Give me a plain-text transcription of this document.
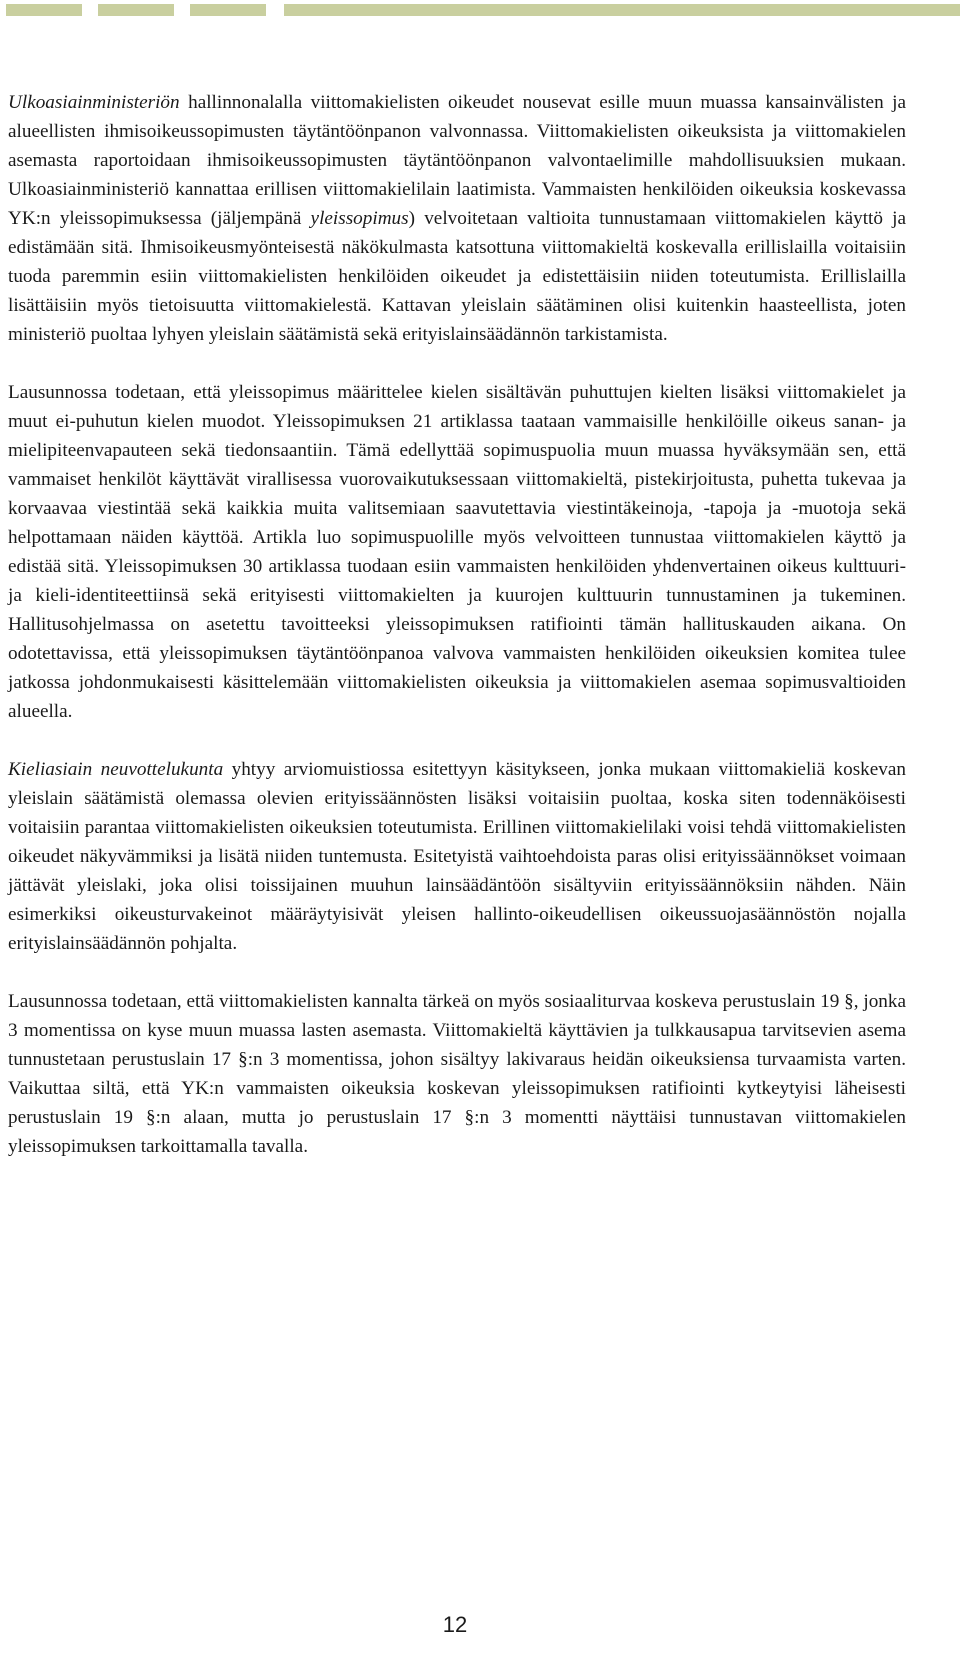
Ulkoasiainministeriön hallinnonalalla viittomakielisten oikeudet nousevat esille muun muassa kansainvälisten ja alueellisten ihmisoikeussopimusten täytäntöönpanon valvonnassa. Viittomakielisten oikeuksista ja viittomakielen asemasta raportoidaan ihmisoikeussopimusten täytäntöönpanon valvontaelimille mahdollisuuksien mukaan. Ulkoasiainministeriö kannattaa erillisen viittomakielilain laatimista. Vammaisten henkilöiden oikeuksia koskevassa YK:n yleissopimuksessa (jäljempänä yleissopimus) velvoitetaan valtioita tunnustamaan viittomakielen käyttö ja edistämään sitä. Ihmisoikeusmyönteisestä näkökulmasta katsottuna viittomakieltä koskevalla erillislailla voitaisiin tuoda paremmin esiin viittomakielisten henkilöiden oikeudet ja edistettäisiin niiden toteutumista. Erillislailla lisättäisiin myös tietoisuutta viittomakielestä. Kattavan yleislain säätäminen olisi kuitenkin haasteellista, joten ministeriö puoltaa lyhyen yleislain säätämistä sekä erityislainsäädännön tarkistamista.

Lausunnossa todetaan, että yleissopimus määrittelee kielen sisältävän puhuttujen kielten lisäksi viittomakielet ja muut ei-puhutun kielen muodot. Yleissopimuksen 21 artiklassa taataan vammaisille henkilöille oikeus sanan- ja mielipiteenvapauteen sekä tiedonsaantiin. Tämä edellyttää sopimuspuolia muun muassa hyväksymään sen, että vammaiset henkilöt käyttävät virallisessa vuorovaikutuksessaan viittomakieltä, pistekirjoitusta, puhetta tukevaa ja korvaavaa viestintää sekä kaikkia muita valitsemiaan saavutettavia viestintäkeinoja, -tapoja ja -muotoja sekä helpottamaan näiden käyttöä. Artikla luo sopimuspuolille myös velvoitteen tunnustaa viittomakielen käyttö ja edistää sitä. Yleissopimuksen 30 artiklassa tuodaan esiin vammaisten henkilöiden yhdenvertainen oikeus kulttuuri- ja kieli-identiteettiinsä sekä erityisesti viittomakielten ja kuurojen kulttuurin tunnustaminen ja tukeminen. Hallitusohjelmassa on asetettu tavoitteeksi yleissopimuksen ratifiointi tämän hallituskauden aikana. On odotettavissa, että yleissopimuksen täytäntöönpanoa valvova vammaisten henkilöiden oikeuksien komitea tulee jatkossa johdonmukaisesti käsittelemään viittomakielisten oikeuksia ja viittomakielen asemaa sopimusvaltioiden alueella.

Kieliasiain neuvottelukunta yhtyy arviomuistiossa esitettyyn käsitykseen, jonka mukaan viittomakieliä koskevan yleislain säätämistä olemassa olevien erityissäännösten lisäksi voitaisiin puoltaa, koska siten todennäköisesti voitaisiin parantaa viittomakielisten oikeuksien toteutumista. Erillinen viittomakielilaki voisi tehdä viittomakielisten oikeudet näkyvämmiksi ja lisätä niiden tuntemusta. Esitetyistä vaihtoehdoista paras olisi erityissäännökset voimaan jättävät yleislaki, joka olisi toissijainen muuhun lainsäädäntöön sisältyviin erityissäännöksiin nähden. Näin esimerkiksi oikeusturvakeinot määräytyisivät yleisen hallinto-oikeudellisen oikeussuojasäännöstön nojalla erityislainsäädännön pohjalta.

Lausunnossa todetaan, että viittomakielisten kannalta tärkeä on myös sosiaaliturvaa koskeva perustuslain 19 §, jonka 3 momentissa on kyse muun muassa lasten asemasta. Viittomakieltä käyttävien ja tulkkausapua tarvitsevien asema tunnustetaan perustuslain 17 §:n 3 momentissa, johon sisältyy lakivaraus heidän oikeuksiensa turvaamista varten. Vaikuttaa siltä, että YK:n vammaisten oikeuksia koskevan yleissopimuksen ratifiointi kytkeytyisi läheisesti perustuslain 19 §:n alaan, mutta jo perustuslain 17 §:n 3 momentti näyttäisi tunnustavan viittomakielen yleissopimuksen tarkoittamalla tavalla.

12
